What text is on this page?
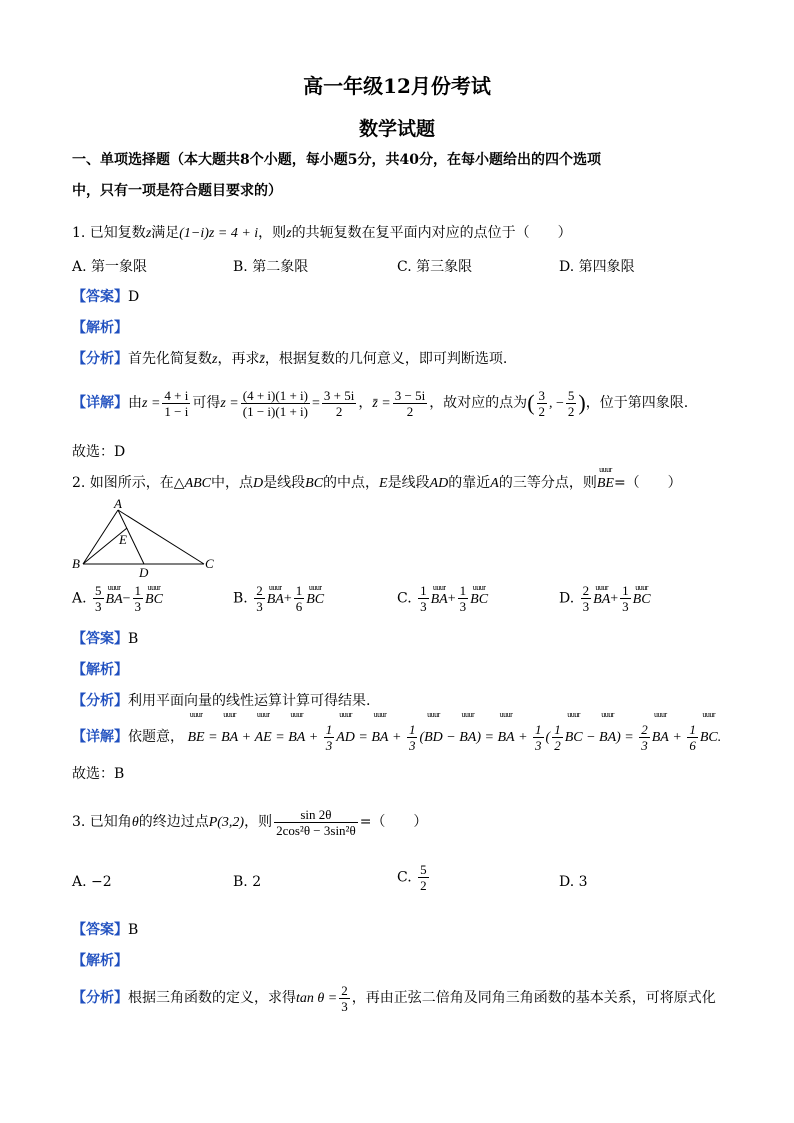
高一年级12月份考试
数学试题
一、单项选择题（本大题共8个小题，每小题5分，共40分，在每小题给出的四个选项
中，只有一项是符合题目要求的）
1. 已知复数z满足(1−i)z = 4 + i，则z的共轭复数在复平面内对应的点位于（　　）
A. 第一象限	B. 第二象限	C. 第三象限	D. 第四象限
【答案】D
【解析】
【分析】首先化简复数z，再求z̄，根据复数的几何意义，即可判断选项.
【详解】由$z = \frac{4 + i}{1 - i}$ 可得$z = \frac{(4 + i)(1 + i)}{(1 - i)(1 + i)} = \frac{3 + 5i}{2}$ ，z̄ = $\frac{3 - 5i}{2}$ ，故对应的点为( $\frac{3}{2}$ , − $\frac{5}{2}$ )，位于第四象限.
故选：D
2. 如图所示，在△ABC中，点D是线段BC的中点，E是线段AD的靠近A的三等分点，则uuur BE=（　　）
A
B	C
D
E
A. $\frac{5}{3}$ uuur $BA- \frac{1}{3}$ uuur BC	B. $\frac{2}{3}$ uuur $BA+ \frac{1}{6}$ uuur BC	C. $\frac{1}{3}$ uuur $BA+ \frac{1}{3}$ uuur BC	D. $\frac{2}{3}$ uuur $BA+ \frac{1}{3}$ uuur BC
【答案】B
【解析】
【分析】利用平面向量的线性运算计算可得结果.
【详解】依题意， uuur BE = uuur BA + uuur AE = uuur BA + $\frac{1}{3}$ uuur AD = uuur BA + $\frac{1}{3}$ (uuur BD − uuur BA) = uuur BA + $\frac{1}{3}$ ( $\frac{1}{2}$ uuur BC − uuur $BA) = \frac{2}{3}$ uuur BA + $\frac{1}{6}$ uuur BC.
故选：B
3. 已知角θ的终边过点P(3,2)，则 $\frac{\sin 2\theta}{\text{2cos²θ − 3sin²θ}}$ =（　　）
A. −2	B. 2	C. $\frac{5}{2}$	D. 3
【答案】B
【解析】
【分析】根据三角函数的定义，求得$\tan \theta = \frac{2}{3}$ ，再由正弦二倍角及同角三角函数的基本关系，可将原式化
